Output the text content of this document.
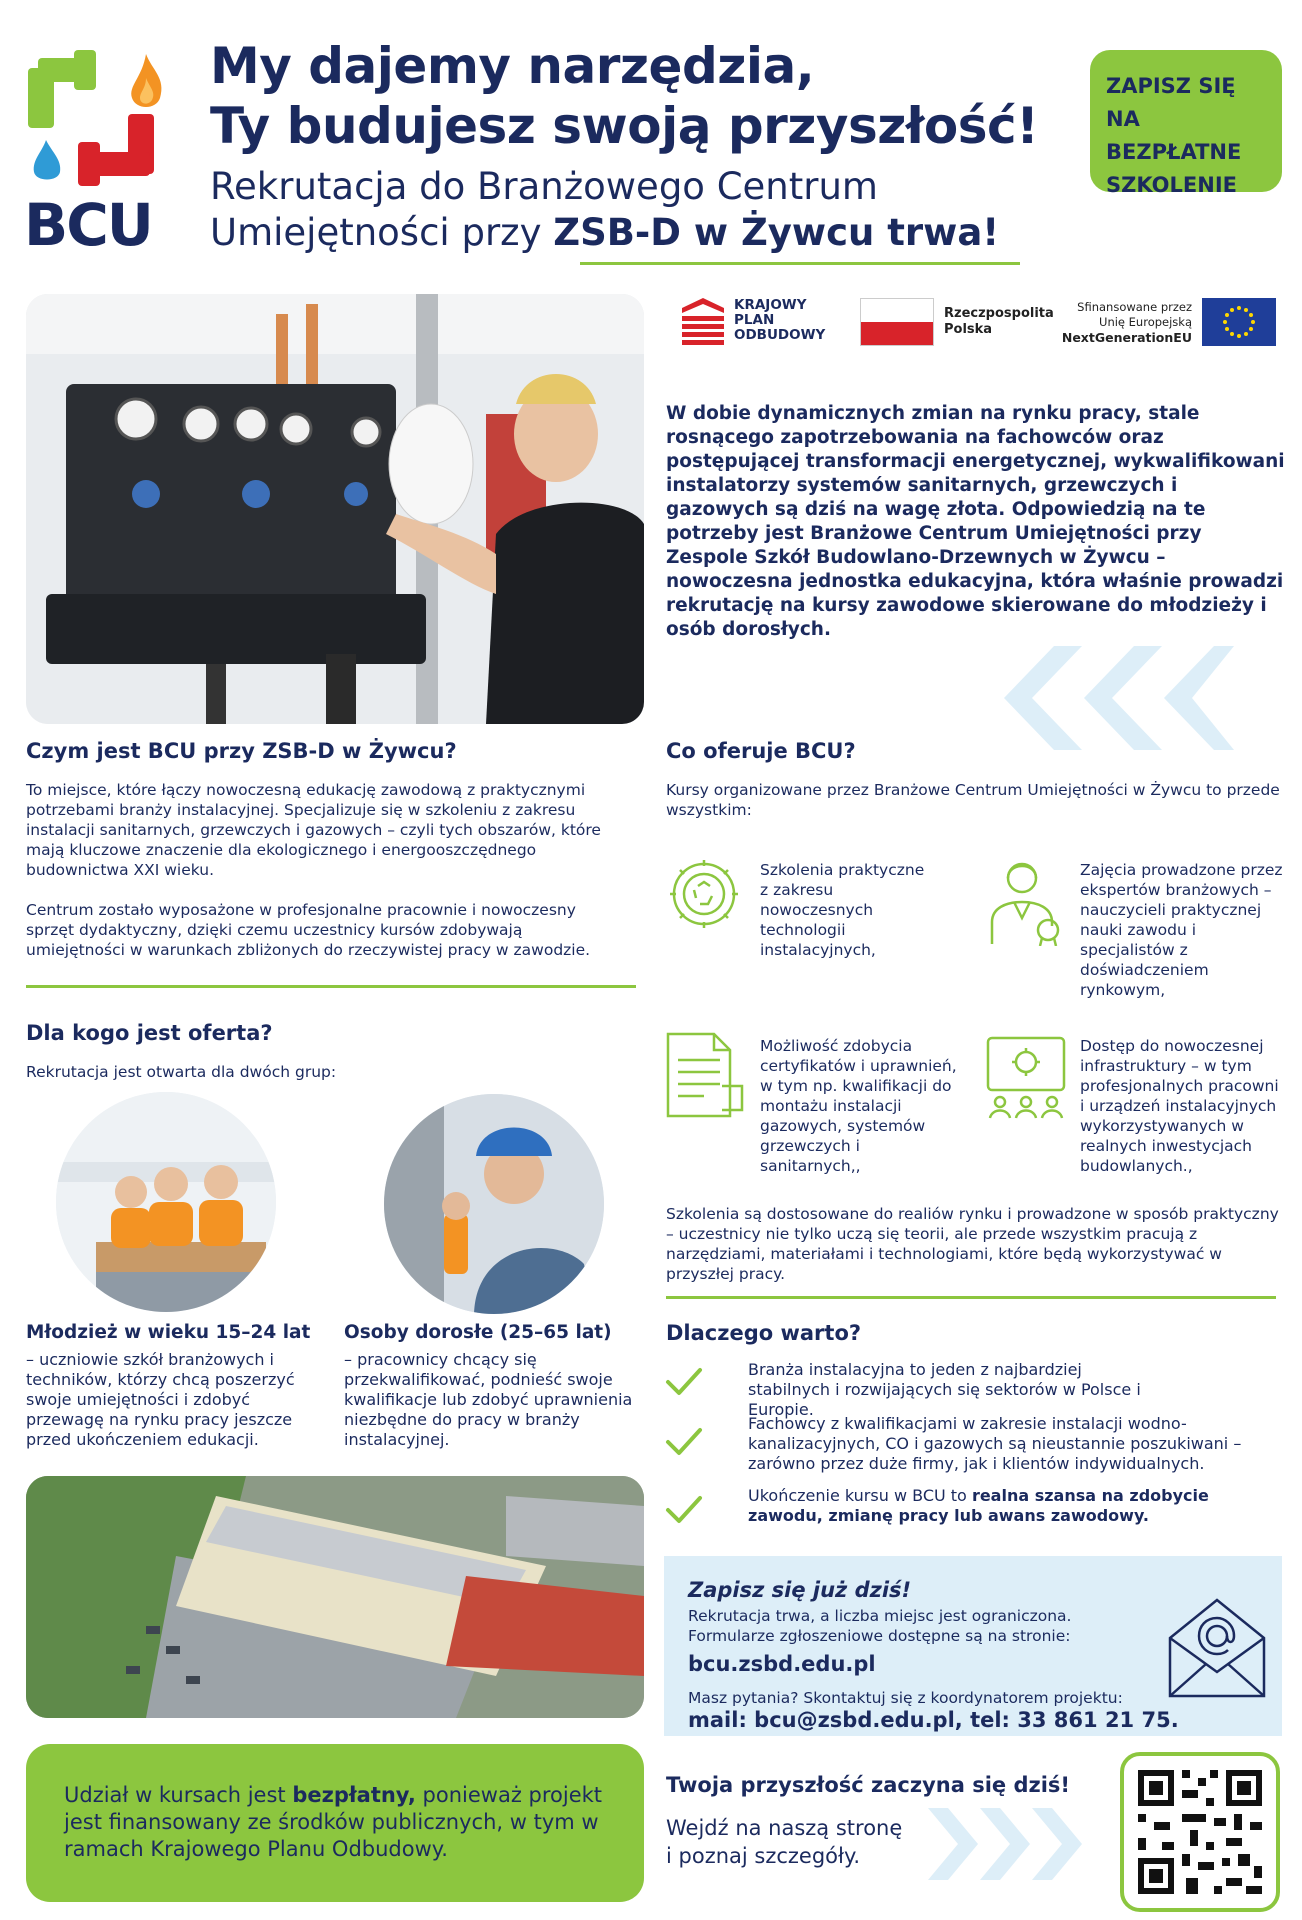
BCU
My dajemy narzędzia,
Ty budujesz swoją przyszłość!
Rekrutacja do Branżowego Centrum
Umiejętności przy ZSB-D w Żywcu trwa!
ZAPISZ SIĘ
NA BEZPŁATNE
SZKOLENIE
KRAJOWY
PLAN
ODBUDOWY
Rzeczpospolita
Polska
Sfinansowane przez
Unię Europejską
NextGenerationEU
W dobie dynamicznych zmian na rynku pracy, stale rosnącego zapotrzebowania na fachowców oraz postępującej transformacji energetycznej, wykwalifikowani instalatorzy systemów sanitarnych, grzewczych i gazowych są dziś na wagę złota. Odpowiedzią na te potrzeby jest Branżowe Centrum Umiejętności przy Zespole Szkół Budowlano-Drzewnych w Żywcu – nowoczesna jednostka edukacyjna, która właśnie prowadzi rekrutację na kursy zawodowe skierowane do młodzieży i osób dorosłych.
Czym jest BCU przy ZSB-D w Żywcu?
To miejsce, które łączy nowoczesną edukację zawodową z praktycznymi potrzebami branży instalacyjnej. Specjalizuje się w szkoleniu z zakresu instalacji sanitarnych, grzewczych i gazowych – czyli tych obszarów, które mają kluczowe znaczenie dla ekologicznego i energooszczędnego budownictwa XXI wieku.
Centrum zostało wyposażone w profesjonalne pracownie i nowoczesny sprzęt dydaktyczny, dzięki czemu uczestnicy kursów zdobywają umiejętności w warunkach zbliżonych do rzeczywistej pracy w zawodzie.
Co oferuje BCU?
Kursy organizowane przez Branżowe Centrum Umiejętności w Żywcu to przede wszystkim:
Szkolenia praktyczne z zakresu nowoczesnych technologii instalacyjnych,
Zajęcia prowadzone przez ekspertów branżowych – nauczycieli praktycznej nauki zawodu i specjalistów z doświadczeniem rynkowym,
Możliwość zdobycia certyfikatów i uprawnień, w tym np. kwalifikacji do montażu instalacji gazowych, systemów grzewczych i sanitarnych,,
Dostęp do nowoczesnej infrastruktury – w tym profesjonalnych pracowni i urządzeń instalacyjnych wykorzystywanych w realnych inwestycjach budowlanych.,
Szkolenia są dostosowane do realiów rynku i prowadzone w sposób praktyczny – uczestnicy nie tylko uczą się teorii, ale przede wszystkim pracują z narzędziami, materiałami i technologiami, które będą wykorzystywać w przyszłej pracy.
Dla kogo jest oferta?
Rekrutacja jest otwarta dla dwóch grup:
Młodzież w wieku 15–24 lat
– uczniowie szkół branżowych i techników, którzy chcą poszerzyć swoje umiejętności i zdobyć przewagę na rynku pracy jeszcze przed ukończeniem edukacji.
Osoby dorosłe (25–65 lat)
– pracownicy chcący się przekwalifikować, podnieść swoje kwalifikacje lub zdobyć uprawnienia niezbędne do pracy w branży instalacyjnej.
Dlaczego warto?
Branża instalacyjna to jeden z najbardziej stabilnych i rozwijających się sektorów w Polsce i Europie.
Fachowcy z kwalifikacjami w zakresie instalacji wodno-kanalizacyjnych, CO i gazowych są nieustannie poszukiwani – zarówno przez duże firmy, jak i klientów indywidualnych.
Ukończenie kursu w BCU to realna szansa na zdobycie zawodu, zmianę pracy lub awans zawodowy.
Zapisz się już dziś!
Rekrutacja trwa, a liczba miejsc jest ograniczona.
Formularze zgłoszeniowe dostępne są na stronie:
bcu.zsbd.edu.pl
Masz pytania? Skontaktuj się z koordynatorem projektu:
mail: bcu@zsbd.edu.pl, tel: 33 861 21 75.
Udział w kursach jest bezpłatny, ponieważ projekt jest finansowany ze środków publicznych, w tym w ramach Krajowego Planu Odbudowy.
Twoja przyszłość zaczyna się dziś!
Wejdź na naszą stronę
i poznaj szczegóły.
